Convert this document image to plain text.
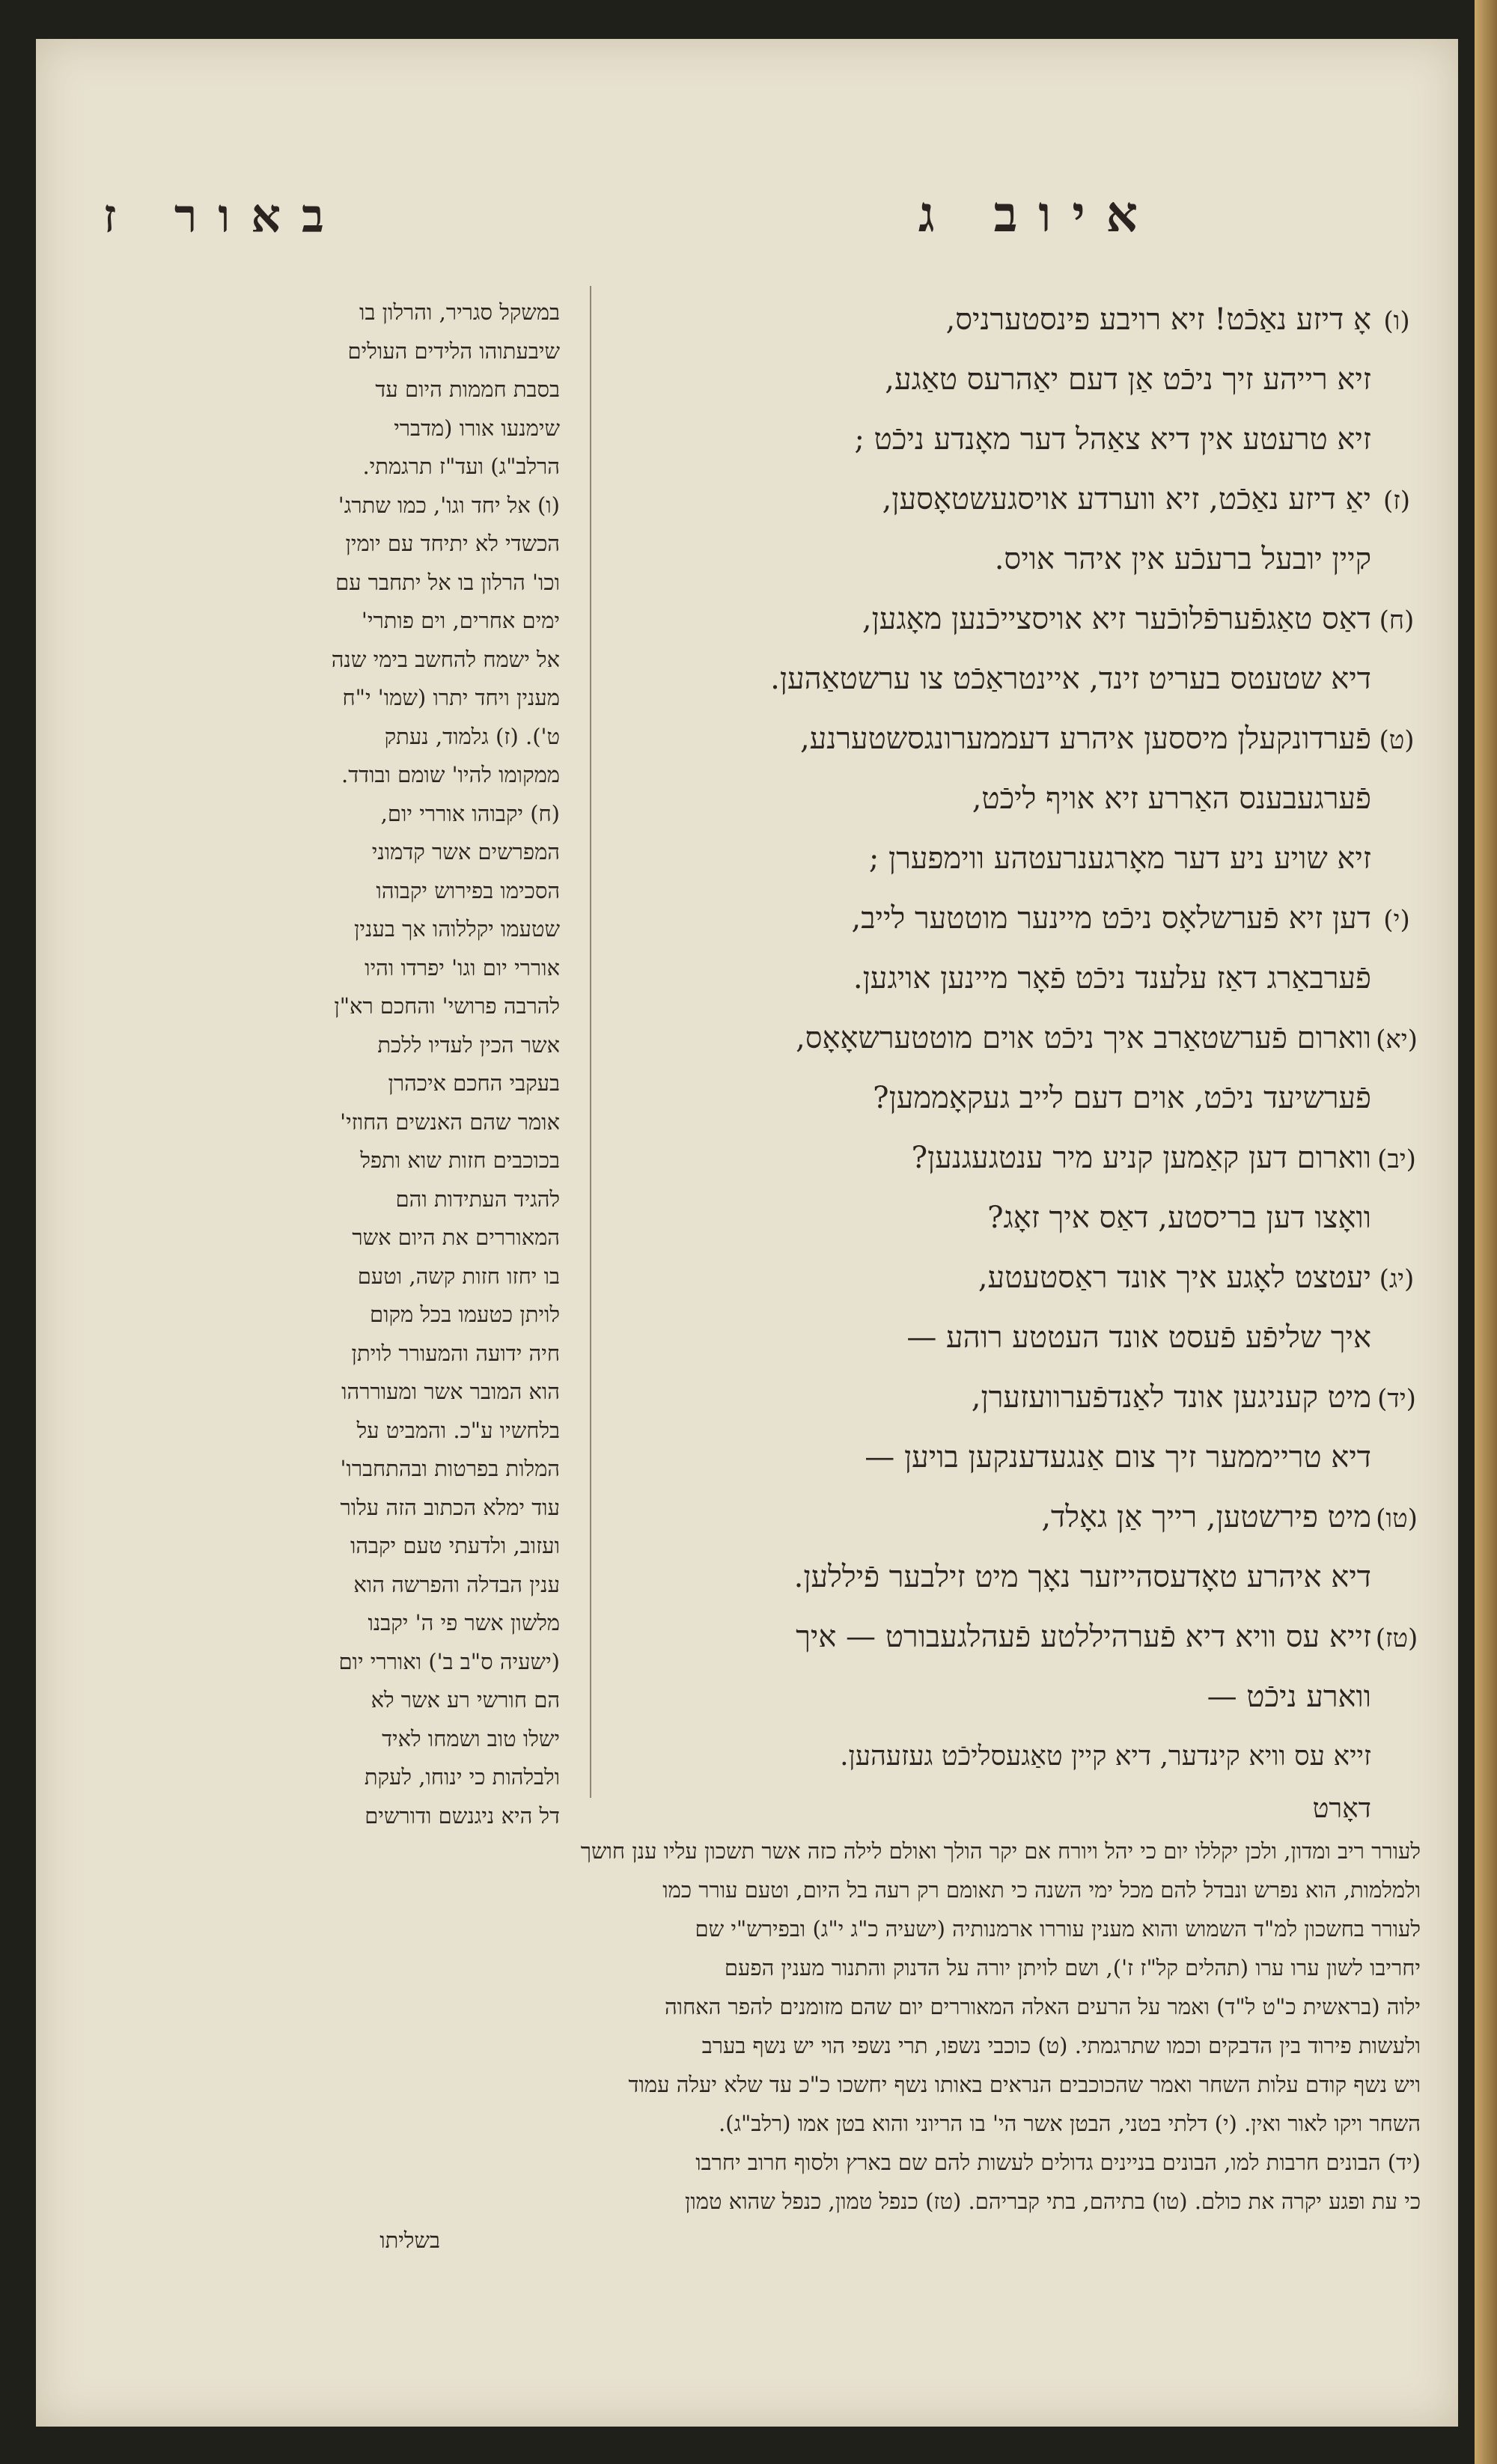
איוב ג
באור ז
(ו)אָ דיזע נאַכֿט! זיא רויבע פינסטערניס,
זיא רייהע זיך ניכֿט אַן דעם יאַהרעס טאַגע,
זיא טרעטע אין דיא צאַהל דער מאָנדע ניכֿט ;
(ז)יאַ דיזע נאַכֿט, זיא ווערדע אויסגעשטאָסען,
קיין יובעל ברעכֿע אין איהר אויס.
(ח)דאַס טאַגפֿערפֿלוכֿער זיא אויסצייכֿנען מאָגען,
דיא שטעטס בעריט זינד, איינטראַכֿט צו ערשטאַהען.
(ט)פֿערדונקעלן מיססען איהרע דעממערונגסשטערנע,
פֿערגעבענס האַררע זיא אויף ליכֿט,
זיא שויע ניע דער מאָרגענרעטהע ווימפערן ;
(י)דען זיא פֿערשלאָס ניכֿט מיינער מוטטער לייב,
פֿערבאַרג דאַז עלענד ניכֿט פֿאָר מיינען אויגען.
(יא)ווארום פֿערשטאַרב איך ניכֿט אוים מוטטערשאָאָס,
פֿערשיעד ניכֿט, אוים דעם לייב געקאָממען?
(יב)ווארום דען קאַמען קניע מיר ענטגעגנען?
וואָצו דען בריסטע, דאַס איך זאָג?
(יג)יעטצט לאָגע איך אונד ראַסטעטע,
איך שליפֿע פֿעסט אונד העטטע רוהע —
(יד)מיט קעניגען אונד לאַנדפֿערוועזערן,
דיא טרייממער זיך צום אַנגעדענקען בויען —
(טו)מיט פירשטען, רייך אַן גאָלד,
דיא איהרע טאָדעסהייזער נאָך מיט זילבער פֿיללען.
(טז)זייא עס וויא דיא פֿערהיללטע פֿעהלגעבורט — איך
ווארע ניכֿט —
זייא עס וויא קינדער, דיא קיין טאַגעסליכֿט געזעהען.
דאָרט
במשקל סגריר, והרלון בו
שיבעתוהו הלידים העולים
בסבת חממות היום עד
שימנעו אורו (מדברי
הרלב"ג) ועד"ז תרגמתי.
(ו) אל יחד וגו', כמו שתרג'
הכשדי לא יתיחד עם יומין
וכו' הרלון בו אל יתחבר עם
ימים אחרים, וים פותרי'
אל ישמח להחשב בימי שנה
מענין ויחד יתרו (שמו' י"ח
ט'). (ז) גלמוד, נעתק
ממקומו להיו' שומם ובודד.
(ח) יקבוהו אוררי יום,
המפרשים אשר קדמוני
הסכימו בפירוש יקבוהו
שטעמו יקללוהו אך בענין
אוררי יום וגו' יפרדו והיו
להרבה פרושי' והחכם רא"ן
אשר הכין לעדיו ללכת
בעקבי החכם איכהרן
אומר שהם האנשים החוזי'
בכוכבים חזות שוא ותפל
להגיד העתידות והם
המאוררים את היום אשר
בו יחזו חזות קשה, וטעם
לויתן כטעמו בכל מקום
חיה ידועה והמעורר לויתן
הוא המובר אשר ומעוררהו
בלחשיו ע"כ. והמביט על
המלות בפרטות ובהתחברו'
עוד ימלא הכתוב הזה עלור
ועזוב, ולדעתי טעם יקבהו
ענין הבדלה והפרשה הוא
מלשון אשר פי ה' יקבנו
(ישעיה ס"ב ב') ואוררי יום
הם חורשי רע אשר לא
ישלו טוב ושמחו לאיד
ולבלהות כי ינוחו, לעקת
דל היא ניגנשם ודורשים
לעורר ריב ומדון, ולכן יקללו יום כי יהל ויורח אם יקר הולך ואולם לילה כזה אשר תשכון עליו ענן חושך
ולמלמות, הוא נפרש ונבדל להם מכל ימי השנה כי תאומם רק רעה בל היום, וטעם עורר כמו
לעורר בחשכון למ"ד השמוש והוא מענין עוררו ארמנותיה (ישעיה כ"ג י"ג) ובפירש"י שם
יחריבו לשון ערו ערו (תהלים קל"ז ז'), ושם לויתן יורה על הדנוק והתנור מענין הפעם
ילוה (בראשית כ"ט ל"ד) ואמר על הרעים האלה המאוררים יום שהם מזומנים להפר האחוה
ולעשות פירוד בין הדבקים וכמו שתרגמתי. (ט) כוכבי נשפו, תרי נשפי הוי יש נשף בערב
ויש נשף קודם עלות השחר ואמר שהכוכבים הנראים באותו נשף יחשכו כ"כ עד שלא יעלה עמוד
השחר ויקו לאור ואין. (י) דלתי בטני, הבטן אשר הי' בו הריוני והוא בטן אמו (רלב"ג).
(יד) הבונים חרבות למו, הבונים בניינים גדולים לעשות להם שם בארץ ולסוף חרוב יחרבו
כי עת ופגע יקרה את כולם. (טו) בתיהם, בתי קבריהם. (טז) כנפל טמון, כנפל שהוא טמון
בשליתו
